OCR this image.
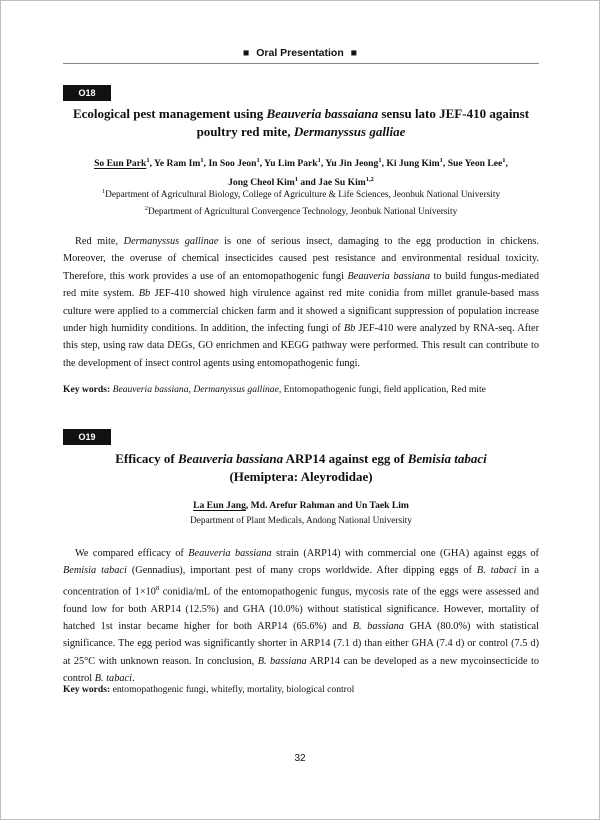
■ Oral Presentation ■
O18
Ecological pest management using Beauveria bassaiana sensu lato JEF-410 against
poultry red mite, Dermanyssus galliae
So Eun Park$^1$, Ye Ram Im$^1$, In Soo Jeon$^1$, Yu Lim Park$^1$, Yu Jin Jeong$^1$, Ki Jung Kim$^1$, Sue Yeon Lee$^1$,
Jong Cheol Kim$^1$ and Jae Su Kim$^{1,2}$
$^1$Department of Agricultural Biology, College of Agriculture & Life Sciences, Jeonbuk National University
$^2$Department of Agricultural Convergence Technology, Jeonbuk National University

Red mite, Dermanyssus gallinae is one of serious insect, damaging to the egg production in chickens. Moreover, the overuse of chemical insecticides caused pest resistance and environmental residual toxicity. Therefore, this work provides a use of an entomopathogenic fungi Beauveria bassiana to build fungus-mediated red mite system. Bb JEF-410 showed high virulence against red mite conidia from millet granule-based mass culture were applied to a commercial chicken farm and it showed a significant suppression of population increase under high humidity conditions. In addition, the infecting fungi of Bb JEF-410 were analyzed by RNA-seq. After this step, using raw data DEGs, GO enrichmen and KEGG pathway were performed. This result can contribute to the development of insect control agents using entomopathogenic fungi.

Key words: Beauveria bassiana, Dermanyssus gallinae, Entomopathogenic fungi, field application, Red mite
O19
Efficacy of Beauveria bassiana ARP14 against egg of Bemisia tabaci
(Hemiptera: Aleyrodidae)
La Eun Jang, Md. Arefur Rahman and Un Taek Lim
Department of Plant Medicals, Andong National University

We compared efficacy of Beauveria bassiana strain (ARP14) with commercial one (GHA) against eggs of Bemisia tabaci (Gennadius), important pest of many crops worldwide. After dipping eggs of B. tabaci in a concentration of $1\times 10^8$ conidia/mL of the entomopathogenic fungus, mycosis rate of the eggs were assessed and found low for both ARP14 (12.5%) and GHA (10.0%) without statistical significance. However, mortality of hatched 1st instar became higher for both ARP14 (65.6%) and B. bassiana GHA (80.0%) with statistical significance. The egg period was significantly shorter in ARP14 (7.1 d) than either GHA (7.4 d) or control (7.5 d) at 25°C with unknown reason. In conclusion, B. bassiana ARP14 can be developed as a new mycoinsecticide to control B. tabaci.

Key words: entomopathogenic fungi, whitefly, mortality, biological control
32
